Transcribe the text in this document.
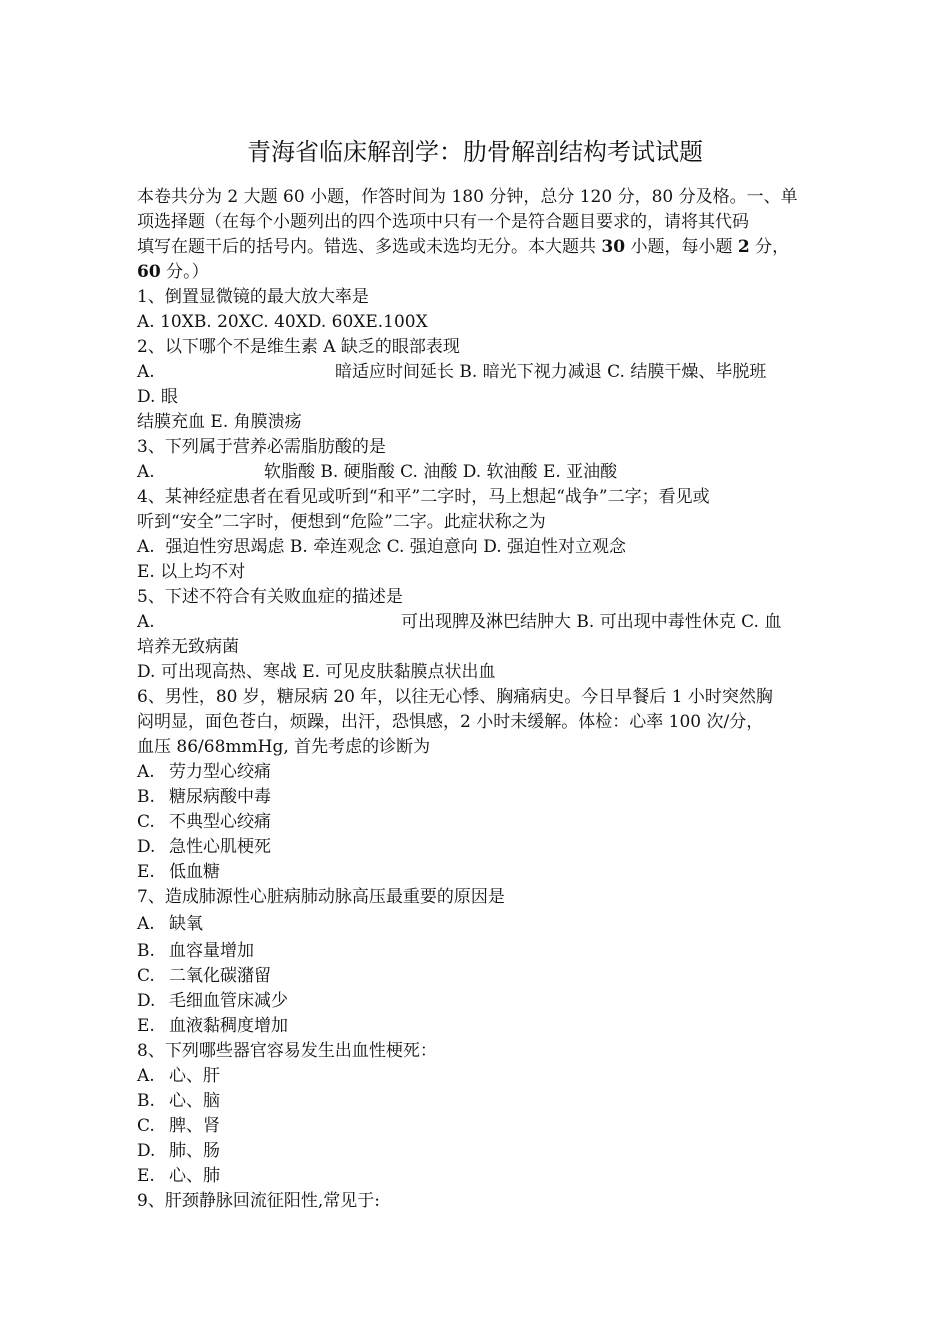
青海省临床解剖学：肋骨解剖结构考试试题
本卷共分为 2 大题 60 小题，作答时间为 180 分钟，总分 120 分，80 分及格。一、单
项选择题（在每个小题列出的四个选项中只有一个是符合题目要求的，请将其代码
填写在题干后的括号内。错选、多选或未选均无分。本大题共 30 小题，每小题 2 分，
60 分。）
1、倒置显微镜的最大放大率是
A. 10ΧB. 20ΧC. 40ΧD. 60ΧE.100Χ
2、以下哪个不是维生素 A 缺乏的眼部表现
A.	暗适应时间延长 B. 暗光下视力减退 C. 结膜干燥、毕脱班
D. 眼
结膜充血 E. 角膜溃疡
3、下列属于营养必需脂肪酸的是
A.	软脂酸 B. 硬脂酸 C. 油酸 D. 软油酸 E. 亚油酸
4、某神经症患者在看见或听到“和平”二字时，马上想起“战争”二字；看见或
听到“安全”二字时，便想到“危险”二字。此症状称之为
A.  强迫性穷思竭虑 B. 牵连观念 C. 强迫意向 D. 强迫性对立观念
E. 以上均不对
5、下述不符合有关败血症的描述是
A.	可出现脾及淋巴结肿大 B. 可出现中毒性休克 C. 血
培养无致病菌
D. 可出现高热、寒战 E. 可见皮肤黏膜点状出血
6、男性，80 岁，糖尿病 20 年，以往无心悸、胸痛病史。今日早餐后 1 小时突然胸
闷明显，面色苍白，烦躁，出汗，恐惧感，2 小时未缓解。体检：心率 100 次/分，
血压 86/68mmHg, 首先考虑的诊断为
A. 劳力型心绞痛
B. 糖尿病酸中毒
C. 不典型心绞痛
D. 急性心肌梗死
E. 低血糖
7、造成肺源性心脏病肺动脉高压最重要的原因是
A. 缺氧
B. 血容量增加
C. 二氧化碳潴留
D. 毛细血管床减少
E. 血液黏稠度增加
8、下列哪些器官容易发生出血性梗死：
A. 心、肝
B. 心、脑
C. 脾、肾
D. 肺、肠
E. 心、肺
9、肝颈静脉回流征阳性,常见于:
